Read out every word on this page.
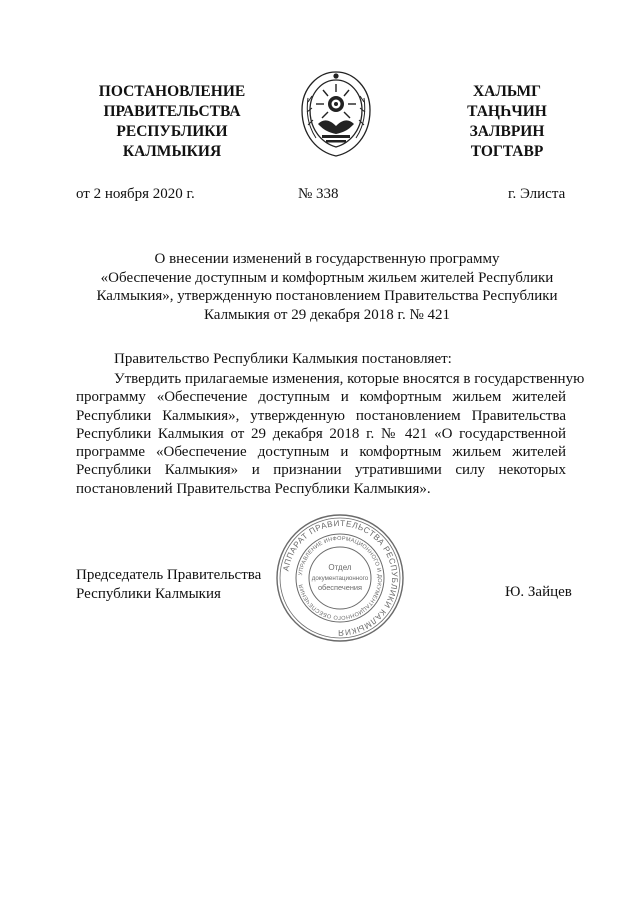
ПОСТАНОВЛЕНИЕ
ПРАВИТЕЛЬСТВА
РЕСПУБЛИКИ
КАЛМЫКИЯ
ХАЛЬМГ
ТАҢҺЧИН
ЗАЛВРИН
ТОГТАВР
от 2 ноября 2020 г.	№ 338	г. Элиста
О внесении изменений в государственную программу
«Обеспечение доступным и комфортным жильем жителей Республики
Калмыкия», утвержденную постановлением Правительства Республики
Калмыкия от 29 декабря 2018 г. № 421
Правительство Республики Калмыкия постановляет:
Утвердить прилагаемые изменения, которые вносятся в государственную
программу «Обеспечение доступным и комфортным жильем жителей
Республики Калмыкия», утвержденную постановлением Правительства
Республики Калмыкия от 29 декабря 2018 г. № 421 «О государственной
программе «Обеспечение доступным и комфортным жильем жителей
Республики Калмыкия» и признании утратившими силу некоторых
постановлений Правительства Республики Калмыкия».
Председатель Правительства
Республики Калмыкия	Ю. Зайцев
АППАРАТ ПРАВИТЕЛЬСТВА РЕСПУБЛИКИ КАЛМЫКИЯ
УПРАВЛЕНИЕ ИНФОРМАЦИОННОГО И ДОКУМЕНТАЦИОННОГО ОБЕСПЕЧЕНИЯ
Отдел
документационного
обеспечения
